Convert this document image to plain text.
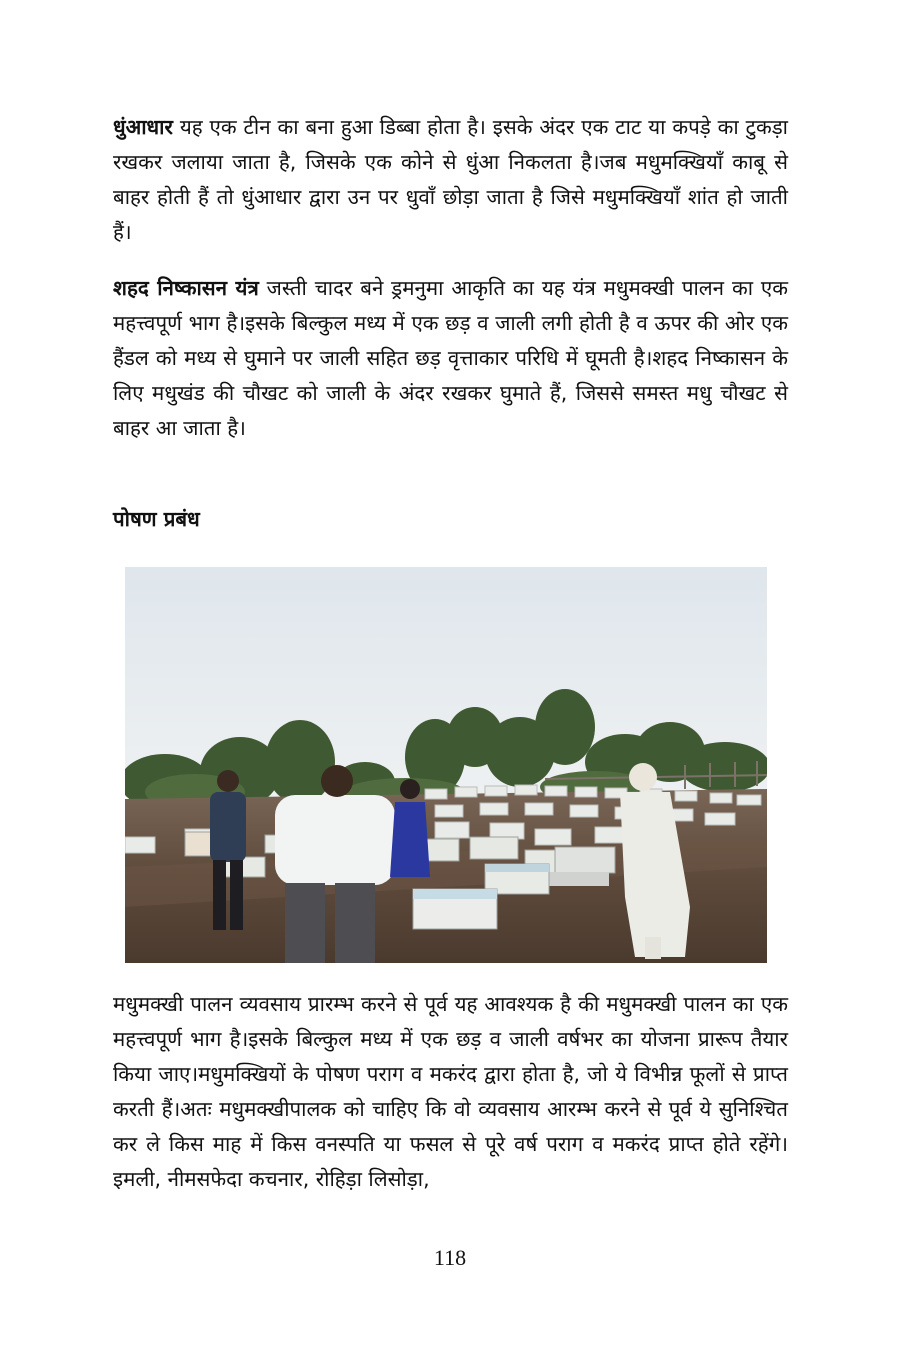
धुंआधार यह एक टीन का बना हुआ डिब्बा होता है। इसके अंदर एक टाट या कपड़े का टुकड़ा रखकर जलाया जाता है, जिसके एक कोने से धुंआ निकलता है।जब मधुमक्खियाँ काबू से बाहर होती हैं तो धुंआधार द्वारा उन पर धुवाँ छोड़ा जाता है जिसे मधुमक्खियाँ शांत हो जाती हैं।

शहद निष्कासन यंत्र जस्ती चादर बने ड्रमनुमा आकृति का यह यंत्र मधुमक्खी पालन का एक महत्त्वपूर्ण भाग है।इसके बिल्कुल मध्य में एक छड़ व जाली लगी होती है व ऊपर की ओर एक हैंडल को मध्य से घुमाने पर जाली सहित छड़ वृत्ताकार परिधि में घूमती है।शहद निष्कासन के लिए मधुखंड की चौखट को जाली के अंदर रखकर घुमाते हैं, जिससे समस्त मधु चौखट से बाहर आ जाता है।

पोषण प्रबंध

मधुमक्खी पालन व्यवसाय प्रारम्भ करने से पूर्व यह आवश्यक है की मधुमक्खी पालन का एक महत्त्वपूर्ण भाग है।इसके बिल्कुल मध्य में एक छड़ व जाली वर्षभर का योजना प्रारूप तैयार किया जाए।मधुमक्खियों के पोषण पराग व मकरंद द्वारा होता है, जो ये विभीन्न फूलों से प्राप्त करती हैं।अतः मधुमक्खीपालक को चाहिए कि वो व्यवसाय आरम्भ करने से पूर्व ये सुनिश्चित कर ले किस माह में किस वनस्पति या फसल से पूरे वर्ष पराग व मकरंद प्राप्त होते रहेंगे।इमली, नीमसफेदा कचनार, रोहिड़ा लिसोड़ा,

118
